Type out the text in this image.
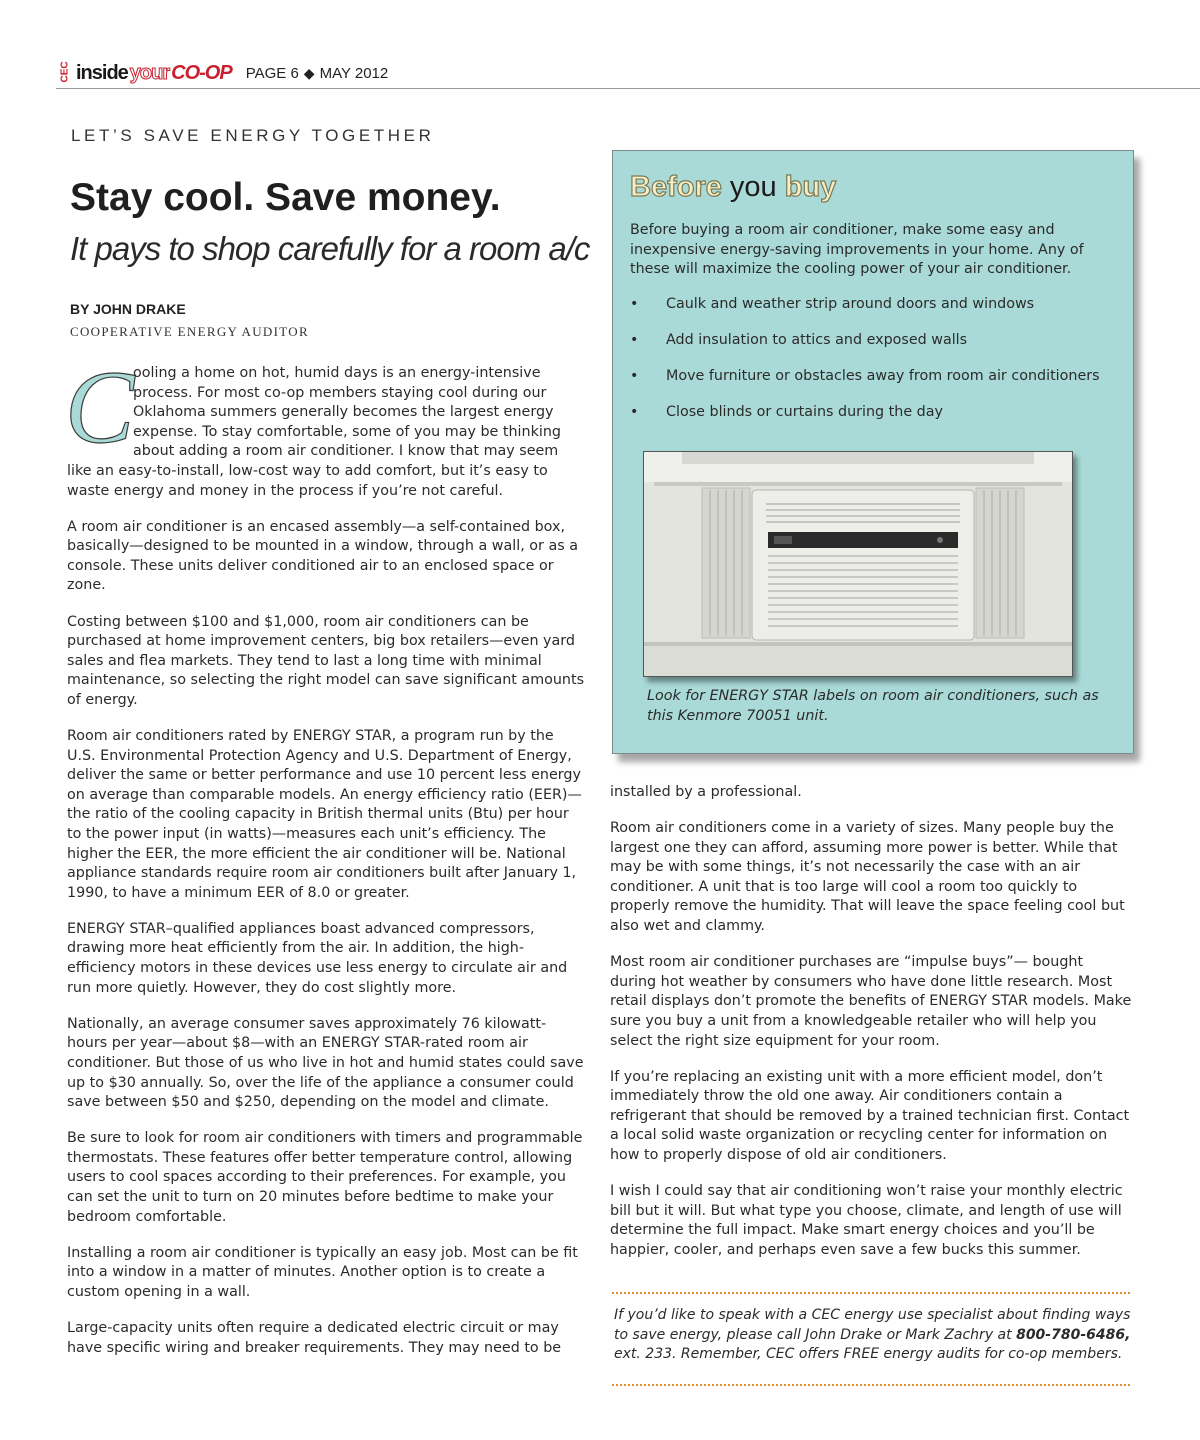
CEC inside your CO-OP PAGE 6 ◆ MAY 2012
LET’S SAVE ENERGY TOGETHER
Stay cool. Save money.
It pays to shop carefully for a room a/c
BY JOHN DRAKE
COOPERATIVE ENERGY AUDITOR

C
ooling a home on hot, humid days is an energy-intensive process. For most co-op members staying cool during our Oklahoma summers generally becomes the largest energy expense. To stay comfortable, some of you may be thinking about adding a room air conditioner. I know that may seem like an easy-to-install, low-cost way to add comfort, but it’s easy to waste energy and money in the process if you’re not careful.

A room air conditioner is an encased assembly—a self-contained box, basically—designed to be mounted in a window, through a wall, or as a console. These units deliver conditioned air to an enclosed space or zone.

Costing between $100 and $1,000, room air conditioners can be purchased at home improvement centers, big box retailers—even yard sales and flea markets. They tend to last a long time with minimal maintenance, so selecting the right model can save significant amounts of energy.

Room air conditioners rated by ENERGY STAR, a program run by the U.S. Environmental Protection Agency and U.S. Department of Energy, deliver the same or better performance and use 10 percent less energy on average than comparable models. An energy efficiency ratio (EER)—the ratio of the cooling capacity in British thermal units (Btu) per hour to the power input (in watts)—measures each unit’s efficiency. The higher the EER, the more efficient the air conditioner will be. National appliance standards require room air conditioners built after January 1, 1990, to have a minimum EER of 8.0 or greater.

ENERGY STAR–qualified appliances boast advanced compressors, drawing more heat efficiently from the air. In addition, the high-efficiency motors in these devices use less energy to circulate air and run more quietly. However, they do cost slightly more.

Nationally, an average consumer saves approximately 76 kilowatt-hours per year—about $8—with an ENERGY STAR-rated room air conditioner. But those of us who live in hot and humid states could save up to $30 annually. So, over the life of the appliance a consumer could save between $50 and $250, depending on the model and climate.

Be sure to look for room air conditioners with timers and programmable thermostats. These features offer better temperature control, allowing users to cool spaces according to their preferences. For example, you can set the unit to turn on 20 minutes before bedtime to make your bedroom comfortable.

Installing a room air conditioner is typically an easy job. Most can be fit into a window in a matter of minutes. Another option is to create a custom opening in a wall.

Large-capacity units often require a dedicated electric circuit or may have specific wiring and breaker requirements. They may need to be

Before you buy
Before buying a room air conditioner, make some easy and inexpensive energy-saving improvements in your home. Any of these will maximize the cooling power of your air conditioner.
• Caulk and weather strip around doors and windows
• Add insulation to attics and exposed walls
• Move furniture or obstacles away from room air conditioners
• Close blinds or curtains during the day
Look for ENERGY STAR labels on room air conditioners, such as this Kenmore 70051 unit.

installed by a professional.

Room air conditioners come in a variety of sizes. Many people buy the largest one they can afford, assuming more power is better. While that may be with some things, it’s not necessarily the case with an air conditioner. A unit that is too large will cool a room too quickly to properly remove the humidity. That will leave the space feeling cool but also wet and clammy.

Most room air conditioner purchases are “impulse buys”— bought during hot weather by consumers who have done little research. Most retail displays don’t promote the benefits of ENERGY STAR models. Make sure you buy a unit from a knowledgeable retailer who will help you select the right size equipment for your room.

If you’re replacing an existing unit with a more efficient model, don’t immediately throw the old one away. Air conditioners contain a refrigerant that should be removed by a trained technician first. Contact a local solid waste organization or recycling center for information on how to properly dispose of old air conditioners.

I wish I could say that air conditioning won’t raise your monthly electric bill but it will. But what type you choose, climate, and length of use will determine the full impact. Make smart energy choices and you’ll be happier, cooler, and perhaps even save a few bucks this summer.

If you’d like to speak with a CEC energy use specialist about finding ways to save energy, please call John Drake or Mark Zachry at 800-780-6486, ext. 233. Remember, CEC offers FREE energy audits for co-op members.
